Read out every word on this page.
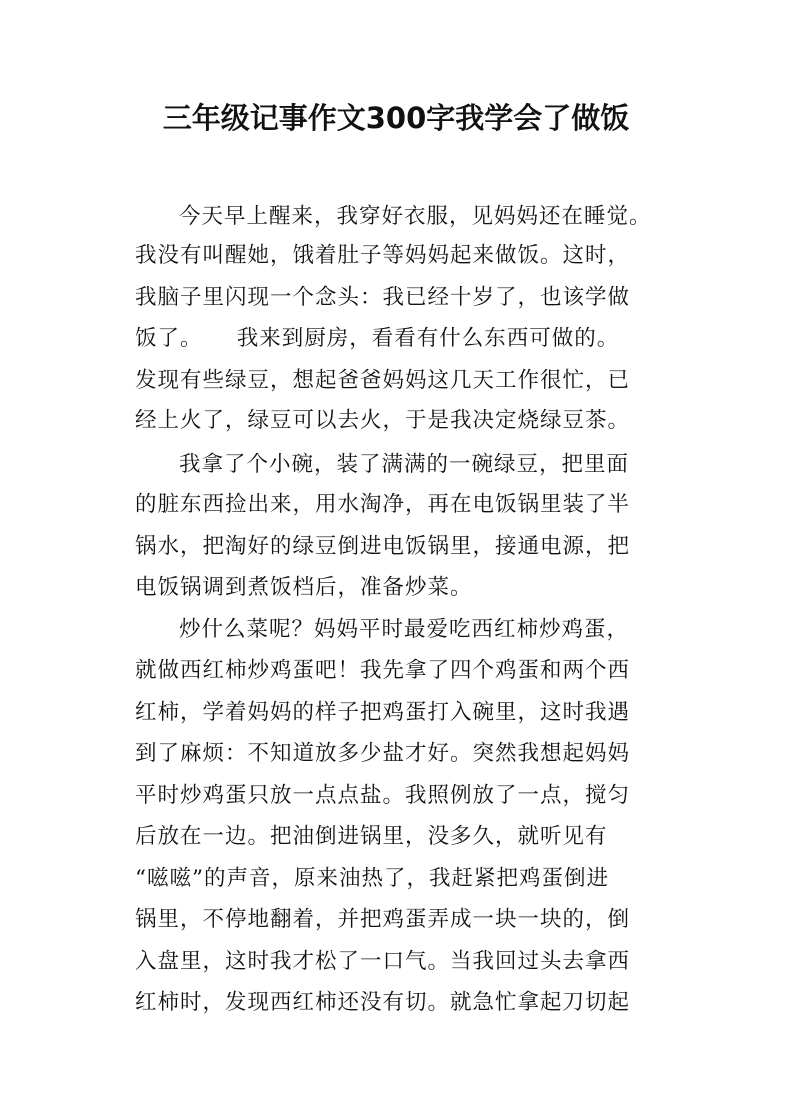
三年级记事作文300字我学会了做饭
今天早上醒来，我穿好衣服，见妈妈还在睡觉。
我没有叫醒她，饿着肚子等妈妈起来做饭。这时，
我脑子里闪现一个念头：我已经十岁了，也该学做
饭了。　　我来到厨房，看看有什么东西可做的。
发现有些绿豆，想起爸爸妈妈这几天工作很忙，已
经上火了，绿豆可以去火，于是我决定烧绿豆茶。
我拿了个小碗，装了满满的一碗绿豆，把里面
的脏东西捡出来，用水淘净，再在电饭锅里装了半
锅水，把淘好的绿豆倒进电饭锅里，接通电源，把
电饭锅调到煮饭档后，准备炒菜。
炒什么菜呢？妈妈平时最爱吃西红柿炒鸡蛋，
就做西红柿炒鸡蛋吧！我先拿了四个鸡蛋和两个西
红柿，学着妈妈的样子把鸡蛋打入碗里，这时我遇
到了麻烦：不知道放多少盐才好。突然我想起妈妈
平时炒鸡蛋只放一点点盐。我照例放了一点，搅匀
后放在一边。把油倒进锅里，没多久，就听见有
“嗞嗞”的声音，原来油热了，我赶紧把鸡蛋倒进
锅里，不停地翻着，并把鸡蛋弄成一块一块的，倒
入盘里，这时我才松了一口气。当我回过头去拿西
红柿时，发现西红柿还没有切。就急忙拿起刀切起
